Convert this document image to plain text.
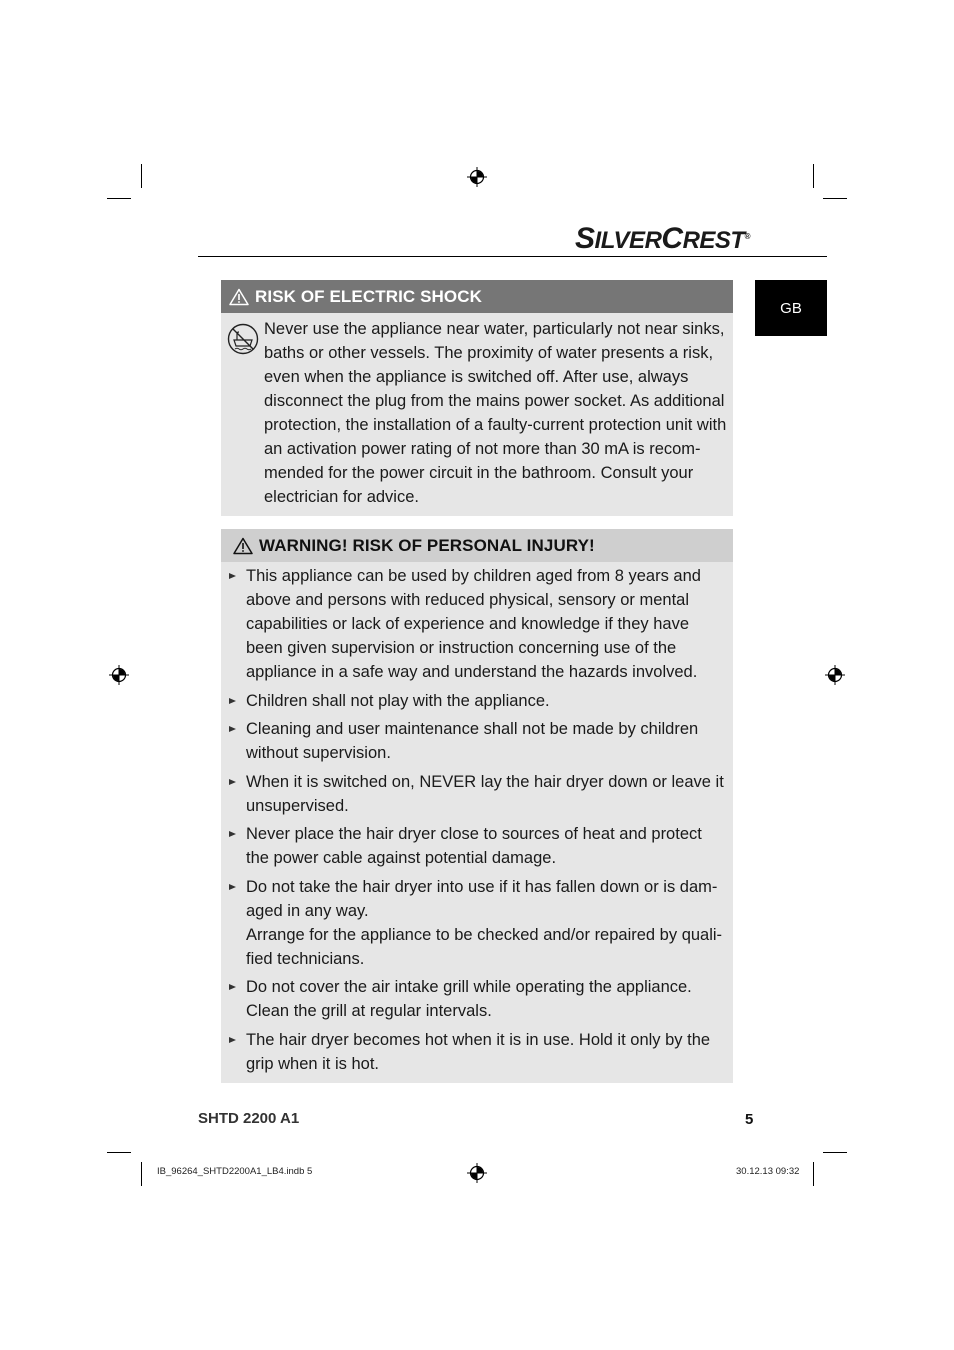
SILVERCREST®
GB
RISK OF ELECTRIC SHOCK
Never use the appliance near water, particularly not near sinks, baths or other vessels. The proximity of water presents a risk, even when the appliance is switched off. After use, always disconnect the plug from the mains power socket. As additional protection, the installation of a faulty-current protection unit with an activation power rating of not more than 30 mA is recom-mended for the power circuit in the bathroom. Consult your electrician for advice.
WARNING! RISK OF PERSONAL INJURY!
This appliance can be used by children aged from 8 years and above and persons with reduced physical, sensory or mental capabilities or lack of experience and knowledge if they have been given supervision or instruction concerning use of the appliance in a safe way and understand the hazards involved.
Children shall not play with the appliance.
Cleaning and user maintenance shall not be made by children without supervision.
When it is switched on, NEVER lay the hair dryer down or leave it unsupervised.
Never place the hair dryer close to sources of heat and protect the power cable against potential damage.
Do not take the hair dryer into use if it has fallen down or is dam-aged in any way.
Arrange for the appliance to be checked and/or repaired by quali-fied technicians.
Do not cover the air intake grill while operating the appliance. Clean the grill at regular intervals.
The hair dryer becomes hot when it is in use. Hold it only by the grip when it is hot.
SHTD 2200 A1	5
IB_96264_SHTD2200A1_LB4.indb 5	30.12.13 09:32
